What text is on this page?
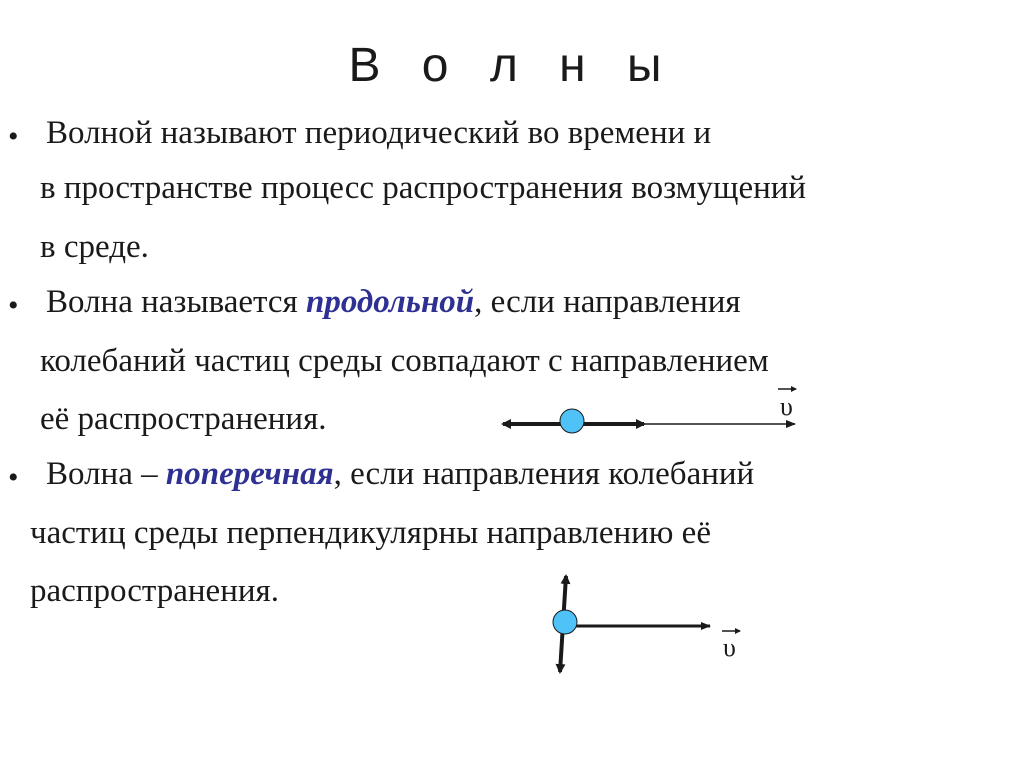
В о л н ы
• Волной называют периодический во времени и
в пространстве процесс распространения возмущений
в среде.
• Волна называется продольной, если направления
колебаний частиц среды совпадают с направлением
её распространения.
• Волна – поперечная, если направления колебаний
частиц среды перпендикулярны направлению её
распространения.
υ
υ
